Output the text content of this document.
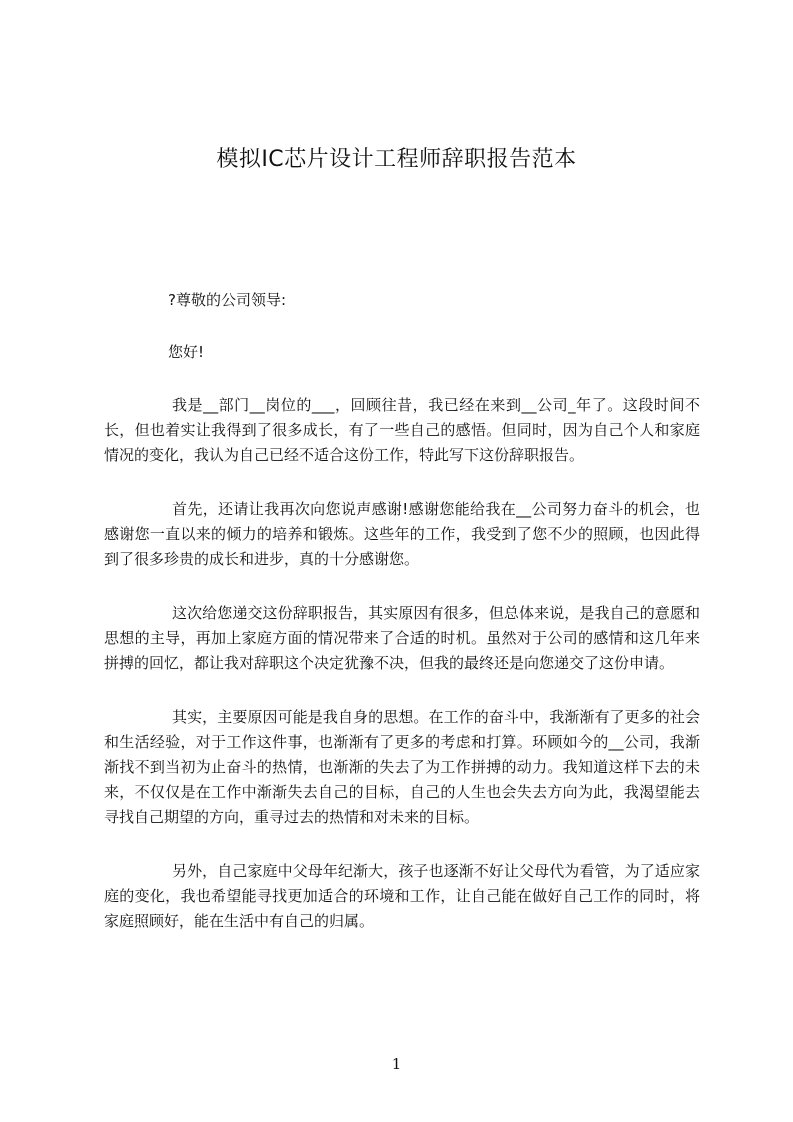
模拟IC芯片设计工程师辞职报告范本

?尊敬的公司领导:

您好!

我是__部门__岗位的___，回顾往昔，我已经在来到__公司_年了。这段时间不长，但也着实让我得到了很多成长，有了一些自己的感悟。但同时，因为自己个人和家庭情况的变化，我认为自己已经不适合这份工作，特此写下这份辞职报告。

首先，还请让我再次向您说声感谢!感谢您能给我在__公司努力奋斗的机会，也感谢您一直以来的倾力的培养和锻炼。这些年的工作，我受到了您不少的照顾，也因此得到了很多珍贵的成长和进步，真的十分感谢您。

这次给您递交这份辞职报告，其实原因有很多，但总体来说，是我自己的意愿和思想的主导，再加上家庭方面的情况带来了合适的时机。虽然对于公司的感情和这几年来拼搏的回忆，都让我对辞职这个决定犹豫不决，但我的最终还是向您递交了这份申请。

其实，主要原因可能是我自身的思想。在工作的奋斗中，我渐渐有了更多的社会和生活经验，对于工作这件事，也渐渐有了更多的考虑和打算。环顾如今的__公司，我渐渐找不到当初为止奋斗的热情，也渐渐的失去了为工作拼搏的动力。我知道这样下去的未来，不仅仅是在工作中渐渐失去自己的目标，自己的人生也会失去方向为此，我渴望能去寻找自己期望的方向，重寻过去的热情和对未来的目标。

另外，自己家庭中父母年纪渐大，孩子也逐渐不好让父母代为看管，为了适应家庭的变化，我也希望能寻找更加适合的环境和工作，让自己能在做好自己工作的同时，将家庭照顾好，能在生活中有自己的归属。

1
